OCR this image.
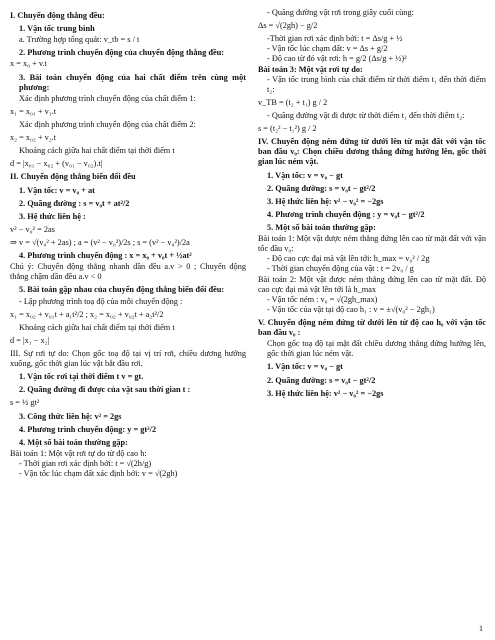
I. Chuyển động thẳng đều:
1. Vận tốc trung bình
a. Trường hợp tổng quát: v_tb = s / t
2. Phương trình chuyển động của chuyển động thẳng đều:
x = x₀ + v.t
3. Bài toán chuyển động của hai chất điểm trên cùng một phương:
Xác định phương trình chuyển động của chất điểm 1:
x₁ = x₀₁ + v₁.t
Xác định phương trình chuyển động của chất điểm 2:
x₂ = x₀₂ + v₂.t
Khoảng cách giữa hai chất điểm tại thời điểm t
d = |x₀₁ − x₀₂ + (v₀₁ − v₀₂).t|
II. Chuyển động thẳng biến đổi đều
1. Vận tốc: v = v₀ + at
2. Quãng đường : s = v₀t + at²/2
3. Hệ thức liên hệ :
v² − v₀² = 2as
⇒ v = √(v₀² + 2as) ; a = (v² − v₀²)/2s ; s = (v² − v₀²)/2a
4. Phương trình chuyển động : x = x₀ + v₀t + ½at²
Chú ý: Chuyển động thẳng nhanh dần đều a.v > 0 ; Chuyển động thẳng chậm dần đều a.v < 0
5. Bài toán gặp nhau của chuyển động thẳng biến đổi đều:
- Lập phương trình toạ độ của mỗi chuyển động :
x₁ = x₀₂ + v₀₁t + a₁t²/2 ; x₂ = x₀₂ + v₀₂t + a₂t²/2
Khoảng cách giữa hai chất điểm tại thời điểm t
d = |x₁ − x₂|
III. Sự rơi tự do: Chọn gốc toạ độ tại vị trí rơi, chiều dương hướng xuống, gốc thời gian lúc vật bắt đầu rơi.
1. Vận tốc rơi tại thời điểm t v = gt.
2. Quãng đường đi được của vật sau thời gian t :
s = ½ gt²
3. Công thức liên hệ: v² = 2gs
4. Phương trình chuyển động: y = gt²/2
4. Một số bài toán thường gặp:
Bài toán 1: Một vật rơi tự do từ độ cao h:
- Thời gian rơi xác định bởi: t = √(2h/g)
- Vận tốc lúc chạm đất xác định bởi: v = √(2gh)
- Quãng đường vật rơi trong giây cuối cùng:
Δs = √(2gh) − g/2
-Thời gian rơi xác định bởi: t = Δs/g + ½
- Vận tốc lúc chạm đất: v = Δs + g/2
- Độ cao từ đó vật rơi: h = g/2 (Δs/g + ½)²
Bài toán 3: Một vật rơi tự do:
- Vận tốc trung bình của chất điểm từ thời điểm t₁ đến thời điểm t₂:
v_TB = (t₂ + t₁) g / 2
- Quãng đường vật đi được từ thời điểm t₁ đến thời điểm t₂:
s = (t₂² − t₁²) g / 2
IV. Chuyển động ném đứng từ dưới lên từ mặt đất với vận tốc ban đầu v₀: Chọn chiều dương thẳng đứng hướng lên, gốc thời gian lúc ném vật.
1. Vận tốc: v = v₀ − gt
2. Quãng đường: s = v₀t − gt²/2
3. Hệ thức liên hệ: v² − v₀² = −2gs
4. Phương trình chuyển động : y = v₀t − gt²/2
5. Một số bài toán thường gặp:
Bài toán 1: Một vật được ném thẳng đứng lên cao từ mặt đất với vận tốc đầu v₀:
- Độ cao cực đại mà vật lên tới: h_max = v₀² / 2g
- Thời gian chuyển động của vật : t = 2v₀ / g
Bài toán 2: Một vật được ném thẳng đứng lên cao từ mặt đất. Độ cao cực đại mà vật lên tới là h_max
- Vận tốc ném : v₀ = √(2gh_max)
- Vận tốc của vật tại độ cao h₁ : v = ±√(v₀² − 2gh₁)
V. Chuyển động ném đứng từ dưới lên từ độ cao h₀ với vận tốc ban đầu v₀ :
Chọn gốc toạ độ tại mặt đất chiều dương thẳng đứng hướng lên, gốc thời gian lúc ném vật.
1. Vận tốc: v = v₀ − gt
2. Quãng đường: s = v₀t − gt²/2
3. Hệ thức liên hệ: v² − v₀² = −2gs
1
